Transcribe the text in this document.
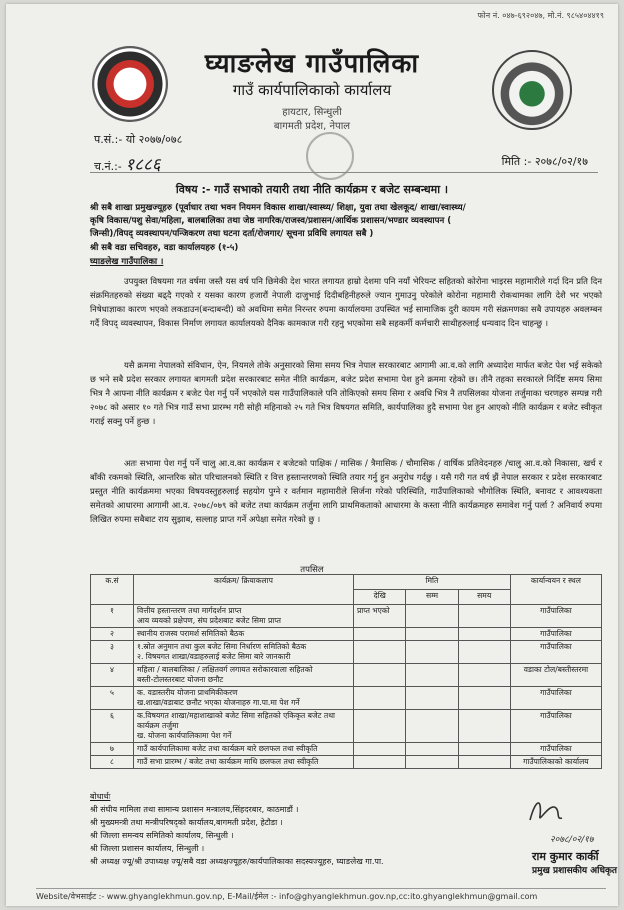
फोन नं. ०४७-६९२०४७, मो.नं. ९८५४०४४१९
घ्याङलेख गाउँपालिका
गाउँ कार्यपालिकाको कार्यालय
हायटार, सिन्धुली
बागमती प्रदेश, नेपाल
प.सं.:- यो २०७७/०७८
च.नं.:- १८८६	मिति :- २०७८/०२/१७
विषय :- गाउँ सभाको तयारी तथा नीति कार्यक्रम र बजेट सम्बन्धमा ।
श्री सबै शाखा प्रमुखज्यूहरु (पूर्वाधार तथा भवन नियमन विकास शाखा/स्वास्थ्य/ शिक्षा, युवा तथा खेलकूद/ शाखा/स्वास्थ्य/
कृषि विकास/पशु सेवा/महिला, बालबालिका तथा जेष्ठ नागरिक/राजस्व/प्रशासन/आर्थिक प्रशासन/भण्डार व्यवस्थापन (
जिन्सी)/विपद् व्यवस्थापन/पन्जिकरण तथा घटना दर्ता/रोजगार/ सूचना प्रविधि लगायत सबै )
श्री सबै वडा सचिवहरु, वडा कार्यालयहरु (१-५)
घ्याङलेख गाउँपालिका ।
उपयुक्त विषयमा गत वर्षमा जस्तै यस वर्ष पनि छिमेकी देश भारत लगायत हाम्रो देशमा पनि नयाँ भेरियन्ट सहितको कोरोना भाइरस महामारीले गर्दा दिन प्रति दिन संक्रमितहरुको संख्या बढ्दै गएको र यसका कारण हजारौं नेपाली दाजुभाई दिदीबहिनीहरुले ज्यान गुमाउनु परेकोले कोरोना महामारी रोकथामका लागि देशै भर भएको निषेधाज्ञाका कारण भएको लकडाउन(बन्दाबन्दी) को अवधिमा समेत निरन्तर रुपमा कार्यालयमा उपस्थित भई सामाजिक दुरी कायम गरी संक्रमणका सबै उपायहरु अवलम्बन गर्दै विपद् व्यवस्थापन, विकास निर्माण लगायत कार्यालयको दैनिक कामकाज गरी रहनु भएकोमा सबै सहकर्मी कर्मचारी साथीहरुलाई धन्यवाद दिन चाहन्छु ।
यसै क्रममा नेपालको संविधान, ऐन, नियमले तोके अनुसारको सिमा समय भित्र नेपाल सरकारबाट आगामी आ.व.को लागि अध्यादेश मार्फत बजेट पेश भई सकेको छ भने सबै प्रदेश सरकार लगायत बागमती प्रदेश सरकारबाट समेत नीति कार्यक्रम, बजेट प्रदेश सभामा पेश हुने क्रममा रहेको छ। तीनै तहका सरकारले निर्दिष्ट समय सिमा भित्र नै आफ्ना नीति कार्यक्रम र बजेट पेश गर्नु पर्ने भएकोले यस गाउँपालिकाले पनि तोकिएको समय सिमा र अवधि भित्र नै तपसिलका योजना तर्जुमाका चरणहरु सम्पन्न गरी २०७८ को असार १० गते भित्र गाउँ सभा प्रारम्भ गरी सोही महिनाको २५ गते भित्र विषयगत समिति, कार्यपालिका हुदै सभामा पेश हुन आएको नीति कार्यक्रम र बजेट स्वीकृत गराई सक्नु पर्ने हुन्छ ।
अतः सभामा पेश गर्नु पर्ने चालु आ.व.का कार्यक्रम र बजेटको पाक्षिक / मासिक / त्रैमासिक / चौमासिक / वार्षिक प्रतिवेदनहरु /चालु आ.व.को निकासा, खर्च र बाँकी रकमको स्थिति, आन्तरिक स्रोत परिचालनको स्थिति र वित्त हस्तान्तरणको स्थिति तयार गर्नु हुन अनुरोध गर्दछु । यसै गरी गत वर्ष झैं नेपाल सरकार र प्रदेश सरकारबाट प्रस्तुत नीति कार्यक्रममा भएका विषयवस्तुहरुलाई सहयोग पुग्ने र वर्तमान महामारीले सिर्जना गरेको परिस्थिति, गाउँपालिकाको भौगोलिक स्थिति, बनावट र आवश्यकता समेतको आधारमा आगामी आ.व. २०७८/०७९ को बजेट तथा कार्यक्रम तर्जुमा लागि प्राथमिकताको आधारमा के कस्ता नीति कार्यक्रमहरु समावेश गर्नु पर्ला ? अनिवार्य रुपमा लिखित रुपमा सबैबाट राय सुझाब, सल्लाह प्राप्त गर्ने अपेक्षा समेत गरेको छु ।
तपसिल
क.सं	कार्यक्रम/ क्रियाकलाप	मिति			कार्यान्वयन र स्थल
		देखि	सम्म	समय	
१	वित्तीय हस्तान्तरण तथा मार्गदर्शन प्राप्त
आय व्ययको प्रक्षेपण, संघ प्रदेशबाट बजेट सिमा प्राप्त	प्राप्त भएको			गाउँपालिका
२	स्थानीय राजस्व परामर्श समितिको बैठक				गाउँपालिका
३	१.स्रोत अनुमान तथा कुल बजेट सिमा निर्धारण समितिको बैठक
२. विषयगत शाखा/वडाहरुलाई बजेट सिमा बारे जानकारी				गाउँपालिका
४	महिला / बालबालिका / लक्षितवर्ग लगायत सरोकारवाला सहितको
बस्ती-टोलस्तरबाट योजना छनौट				वडाका टोल/बस्तीस्तरमा
५	क. वडास्तरीय योजना प्राथमिकीकरण
ख.शाखा/वडाबाट छनौट भएका योजनाहरु गा.पा.मा पेश गर्ने				गाउँपालिका
६	क.विषयगत शाखा/महाशाखाको बजेट सिमा सहितको एकिकृत बजेट तथा कार्यक्रम तर्जुमा
ख. योजना कार्यपालिकामा पेश गर्ने				गाउँपालिका
७	गाउँ कार्यपालिकामा बजेट तथा कार्यक्रम बारे छलफल तथा स्वीकृति				गाउँपालिका
८	गाउँ सभा प्रारम्भ / बजेट तथा कार्यक्रम माथि छलफल तथा स्वीकृति				गाउँपालिकाको कार्यालय
बोधार्थः
श्री संघीय मामिला तथा सामान्य प्रशासन मन्त्रालय,सिंहदरबार, काठमाडौं ।
श्री मुख्यमन्त्री तथा मन्त्रीपरिषद्को कार्यालय,बागमती प्रदेश, हेटौडा ।
श्री जिल्ला समन्वय समितिको कार्यालय, सिन्धुली ।
श्री जिल्ला प्रशासन कार्यालय, सिन्धुली ।
श्री अध्यक्ष ज्यू/श्री उपाध्यक्ष ज्यू/सबै वडा अध्यक्षज्यूहरु/कार्यपालिकाका सदस्यज्यूहरु, घ्याङलेख गा.पा.
२०७८/०२/१७
राम कुमार कार्की
प्रमुख प्रशासकीय अधिकृत
Website/वेभसाईट :- www.ghyanglekhmun.gov.np, E-Mail/ईमेल :- info@ghyanglekhmun.gov.np,cc:ito.ghyanglekhmun@gmail.com
